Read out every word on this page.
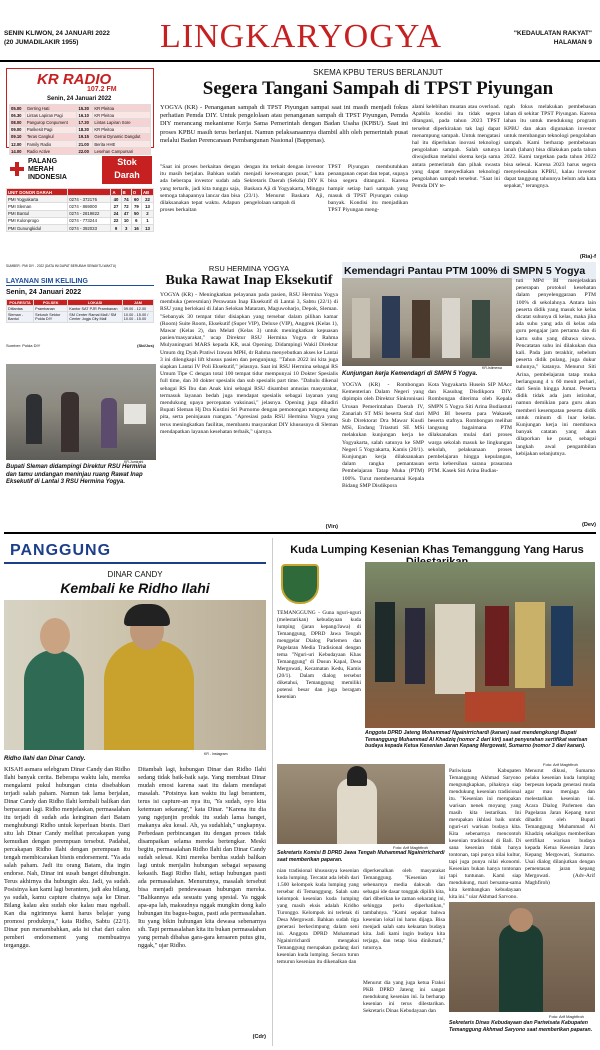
SENIN KLIWON, 24 JANUARI 2022
(20 JUMADILAKIR 1955) LINGKARYOGYA	"KEDAULATAN RAKYAT"
HALAMAN 9
KR RADIO
107.2 FM
Senin, 24 Januari 2022
05.00	Gerring Hati	15.30	KR Pleitoa
06.30	Lintas Lapiran Pagi	16.10	KR Pleitoa
08.00	Pangurop Conpument	17.30	Lintas Lapiran Sore
09.00	Parikesit Pagi	18.30	KR Pleitoa
09.10	Teras Cangkul	19.15	Gerrai Dynamic Dangdut
12.00	Family Radio	21.00	Berita HHE
14.00	Radio Active	22.00	Lesehan Campursari
PALANG
MERAH
INDONESIA
Stok
Darah
UNIT DONOR DARAH		A	B	O	AB
PMI Yogyakarta	0274 - 372176	40	74	60	22
PMI Sleman	0274 - 869000	27	72	79	13
PMI Bantul	0274 - 2819822	24	47	50	2
PMI Kulonprogo	0274 - 773244	22	10	6	1
PMI Gunungkidul	0274 - 392033	9	3	16	13
SUMBER : PMI DIY - 2022 (DATA INI DAPAT BERUBAH SEWAKTU-WAKTU)
LAYANAN SIM KELILING
Senin, 24 Januari 2022
POLRES/TA	POLSEK	LOKASI	JAM
Ditlantas	Prambanan	Kantor SAT PJR Prambanan	09.00 - 12.00
Sleman - Bantul	Seluruh Sektor Polda DIY	SM Center Ramal Mall / SM Center Jogja City Mall	10.00 - 15.00 / 10.00 - 15.00
Sumber: Polda DIY	(Sbl/Jos)
SKEMA KPBU TERUS BERLANJUT
Segera Tangani Sampah di TPST Piyungan
YOGYA (KR) - Penanganan sampah di TPST Piyungan sampai saat ini masih menjadi fokus perhatian Pemda DIY. Untuk pengelolaan atau penanganan sampah di TPST Piyungan, Pemda DIY merancang mekanisme Kerja Sama Pemerintah dengan Badan Usaha (KPBU). Saat ini proses KPBU masih terus berlanjut. Namun pelaksanaannya diambil alih oleh pemerintah pusat melalui Badan Perencanaan Pembangunan Nasional (Bappenas).
"Saat ini proses berkaitan dengan itu masih berjalan. Bahkan sudah ada beberapa investor sudah ada yang tertarik, jadi kita tunggu saja, semoga tahapannya lancar dan bisa dilaksanakan tepat waktu. Adapun proses berkaitan
dengan itu terkait dengan investor menjadi kewenangan pusat," kata Sekretaris Daerah (Sekda) DIY K Baskara Aji di Yogyakarta, Minggu (23/1). Menurut Baskara Aji, pengelolaan sampah di
TPST Piyungan membutuhkan penanganan cepat dan tepat, supaya bisa segera ditangani. Karena hampir setiap hari sampah yang masuk di TPST Piyungan cukup banyak. Kondisi itu menjadikan TPST Piyungan meng-
alami kelebihan muatan atau overload. Apabila kondisi itu tidak segera ditangani, pada tahun 2023 TPST tersebut diperkirakan tak lagi dapat menampung sampah. Untuk mengatasi hal itu diperlukan inovasi teknologi pengolahan sampah. Salah satunya diwujudkan melalui skema kerja sama antara pemerintah dan pihak swasta yang dapat menyediakan teknologi pengolahan sampah tersebut. "Saat ini Pemda DIY te-
ngah fokus melakukan pembebasan lahan di sekitar TPST Piyungan. Karena lahan itu untuk mendukung program KPBU dan akan digunakan investor untuk membangun teknologi pengolahan sampah. Kami berharap pembebasan lanah (lahan) bisa dilakukan pada tahun 2022. Kami targetkan pada tahun 2022 bisa selesai. Karena 2023 harus segera menyelesaikan KPBU, kalau investor dapat tanggung tahunnya belum ada kata sepakat," terangnya.
(Ria)-f
RSU HERMINA YOGYA
Buka Rawat Inap Eksekutif
YOGYA (KR) - Meningkatkan pelayanan pada pasien, RSU Hermina Yogya membuka (peresmian) Perawatan Inap Eksekutif di Lantai 3, Sabtu (22/1) di RSU yang berlokasi di Jalan Selokan Mataram, Maguwoharjo, Depok, Sleman. "Sebanyak 30 tempat tidur disiapkan yang tersebar dalam pilihan kamar (Room) Suite Room, Eksekutif (Super VIP), Deluxe (VIP), Anggrek (Kelas 1), Mawar (Kelas 2), dan Melati (Kelas 3) untuk meningkatkan kepuasan pasien/masyarakat," ucap Direktur RSU Hermina Yogya dr Rahma Mulyaningsari MARS kepada KR, usai Opening. Didampingi Wakil Direktur Umum drg Dyah Pratiwi Irawan MPH, dr Rahma menyebutkan akses ke Lantai 3 ini dilengkapi lift khusus pasien dan pengunjung. "Tahun 2022 ini kita juga siapkan Lantai IV Poli Eksekutif," jelasnya. Saat ini RSU Hermina sebagai RS Umum Tipe C dengan total 100 tempat tidur mempunyai 10 Dokter Spesialis full time, dan 30 dokter spesialis dan sub spesialis part time. "Dahulu dikenal sebagai RS Ibu dan Anak kini sebagai RSU disambut antusias masyarakat, termasuk layanan bedah juga mendapat spesialis sebagai layanan yang mendukung upaya percepatan vaksinasi," jelasnya. Opening juga dihadiri Bupati Sleman Hj Dra Kustini Sri Purnomo dengan pemotongan tumpeng dan pita, serta peninjauan ruangan. "Apresiasi pada RSU Hermina Yogya yang terus meningkatkan fasilitas, membantu masyarakat DIY khususnya di Sleman mendapatkan layanan kesehatan terbaik," ujarnya.
(Vin)
KR-Jumirahi
Bupati Sleman didampingi Direktur RSU Hermina dan tamu undangan meninjau ruang Rawat Inap Eksekutif di Lantai 3 RSU Hermina Yogya.
Kemendagri Pantau PTM 100% di SMPN 5 Yogya
KR-Istimewa
Kunjungan kerja Kemendagri di SMPN 5 Yogya.
YOGYA (KR) - Rombongan Kementerian Dalam Negeri yang dipimpin oleh Direktur Sinkronisasi Urusan Pemerintahan Daerah IV, Zanariah ST MSi beserta Staf dari Sub Direktorat Dra Mawar Kusdi MSi, Endang Triastuti SE MSi melakukan kunjungan kerja ke Yogyakarta, salah satunya ke SMP Negeri 5 Yogyakarta, Kamis (20/1). Kunjungan kerja dilaksanakan dalam rangka pemantauan Pembelajaran Tatap Muka (PTM) 100%. Turut membersamai Kepala Bidang SMP Disdikpora
Kota Yogyakarta Husein SIP MAcc dan Kasubag Disdikpora DIY. Rombongan diterima oleh Kepala SMPN 5 Yogya Siti Arina Budiastuti MPd BI beserta para Wakasek beserta stafnya. Rombongan melihat langsung bagaimana PTM dilaksanakan mulai dari proses warga sekolah masuk ke lingkungan sekolah, pelaksanaan proses pembelajaran hingga kepulangan, serta kebersihan sarana prasarana PTM. Kasek Siti Arina Budias-
tuti MPd BI menjelaskan penerapan protokol kesehatan dalam penyelenggaraan PTM 100% di sekolahnya. Antara lain peserta didik yang masuk ke kelas dicatat suhunya di kelas, maka jika ada suhu yang ada di kelas ada guru pengajar jam pertama dan di kartu suhu yang dibawa siswa. Pencatatan suhu ini dilakukan dua kali. Pada jam terakhir, sebelum peserta didik pulang, juga dukur suhunya," katanya. Menurut Siti Arina, pembelajaran tatap muka berlangsung 4 x 60 menit perhari, dari Senin hingga Jumat. Peserta didik tidak ada jam istirahat, namun demikian para guru akan memberi kesempatan peserta didik untuk minum di luar kelas. Kunjungan kerja ini membawa banyak catatan yang akan dilaporkan ke pusat, sebagai langkah awal pengambilan kebijakan selanjutnya.
(Dev)
PANGGUNG
DINAR CANDY
Kembali ke Ridho Ilahi
KR - Instagram
Ridho Ilahi dan Dinar Candy.
KISAH asmara selebgram Dinar Candy dan Ridho Ilahi banyak cerita. Beberapa waktu lalu, mereka mengalami pukul hubungan cinta disebabkan terjadi salah paham. Namun tak lama berjalan, Dinar Candy dan Ridho Ilahi kembali balikan dan berpacaran lagi. Ridho menjelaskan, permasalahan itu terjadi di sudah ada keinginan dari Batam menghubungi Ridho untuk keperluan bisnis. Dari situ lah Dinar Candy melihat percakapan yang kemudian dengan perempuan tersebut. Padahal, percakapan Ridho Ilahi dengan perempuan itu tengah membicarakan bisnis endorsement. "Ya ada salah paham. Jadi itu orang Batam, dia ingin endorse. Nah, Dinar ini susah banget dihubungin. Terus akhirnya dia hubungin aku. Jadi, ya sudah. Posisinya kan kami lagi berantem, jadi aku bilang, ya sudah, kamu capture chatnya saja ke Dinar. Bilang kalau aku sudah oke kalau mau ngeball. Kan dia ngirimnya kami harus belajar yang promosi produknya," kata Ridho, Sabtu (22/1). Dinar pun menambahkan, ada isi chat dari calon pemberi endorsement yang membuatnya terganggu.
Ditambah lagi, hubungan Dinar dan Ridho Ilahi sedang tidak baik-baik saja. Yang membuat Dinar mudah emosi karena saat itu dalam mendapat masalah. "Potsinya kan waktu itu lagi berantem, terus isi capture-an nya itu, 'Ya sudah, oyo kita ketemuan sekarang'," kata Dinar. "Karena itu dia yang ngejunjin produk itu sudah lama banget, makanya aku kesal. Ah, ya sudahlah," ungkapnya. Perbedaan perbincangan itu dengan proses tidak disampaikan selama mereka bertengkar. Meski begitu, permasalahan Ridho Ilahi dan Dinar Candy sudah selesai. Kini mereka berdua sudah balikan lagi untuk menjalin hubungan sebagai sepasang kekasih. Bagi Ridho Ilahi, setiap hubungan pasti ada permasalahan. Menurutnya, masalah tersebut bisa menjadi pendewasaan hubungan mereka. "Balikannya ada sesuatu yang spesial. Ya nggak apa-apa lah, maksudnya nggak mungkin dong kalo hubungan itu bagus-bagus, pasti ada permasalahan. Itu yang bikin hubungan kita dewasa sebenarnya sih. Tapi permasalahan kita itu bukan permasalahan yang pernah dibahas gara-gara keraaren putus gitu, nggak," ujar Ridho.
(Cdr)
Kuda Lumping Kesenian Khas Temanggung Yang Harus
TEMANGGUNG - Guna nguri-nguri (melestarikan) kebudayaan kuda lumping (jaran kepang/Jawa) di Temanggung, DPRD Jawa Tengah menggelar Dialog Parlemen dan Pagelaran Media Tradisional dengan tema "Nguri-uri Kebudayaan Khas Temanggung" di Dusun Kapal, Desa Mergowati, Kecamatan Kedu, Kamis (20/1). Dalam dialog tersebut diketahui, Temanggung memiliki potensi besar dan juga beragam kesenian
Anggota DPRD Jateng Mohammad Ngainirrichardi (kanan) saat mendengkungi Bupati Temanggung Muhammad Al Khadziq (nomor 2 dari kiri) saat penyerahan sertifikat warisan budaya kepada Ketua Kesenian Jaran Kepang Mergowati, Sumarno (nomor 3 dari kanan).
Foto: Arif Maghfiroh
Pariwisata Kabupaten Temanggung Akhmad Saryono mengungkapkan, pihaknya siap mendukung kesenian tradisional itu. "Kesenian ini merupakan warisan nenek moyang yang masih kita lestarikan. Ini merupakan ikhlasi baik untuk nguri-uri warisan budaya kita. Kita sebenarnya mencontoh kesenian tradisional di Bali. Di sana kesenian tidak hanya tontonan, tapi punya nilai kultur, tapi juga punya nilai ekonomi. Kesenian bukan hanya tontonan tapi tuntunan. Kami siap mendukung, mari bersama-sama kita kembangkan kebudayaan kita ini," ujar Akhmad Saryono.
Menurut dikusi, Sumarno pelaku kesenian kuda lumping berpesan kepada generasi muda agar mau menjaga dan melestarikan kesenian ini. Acara Dialog Parlemen dan Pagelaran Jaran Kepang turut dihadiri oleh Bupati Temanggung Muhammad Al Khadziq sekaligus memberikan sertifikat warisan budaya kepada Ketua Kesenian Jaran Kepang Mergowati, Sumarno. Usai dialog dilanjutkan dengan pementasan jaran kepang Mergowati. (Adv-Arif Maghfiroh)
Foto: Arif Maghfiroh
Sekretaris Komisi B DPRD Jawa Tengah Muhammad Ngainirrichardi saat memberikan paparan.
nian tradisional khususnya kesenian kuda lumping. Tercatat ada lebih dari 1.500 kelompok kuda lumping yang tersebar di Temanggung. Salah satu kelompok kesenian kuda lumping yang masih eksis adalah Kridho Turonggo. Kelompok ini terletak di Desa Mergowati. Bahkan sudah tiga generasi berkecimpung dalam seni ini. Anggota DPRD Mohammad Ngainirrichardi mengakui Temanggung merupakan gudang dari kesenian kuda lumping. Secara turun temurun kesenian itu dikenalkan dan
diperkenalkan oleh masyarakat Temanggung. "Kesenian ini sebenarnya media dakwah dan sebagai ide dasar tonggak dipilih kita, dari diberikan ke zaman sekarang ini, sehingga perlu diperhatikan," tambahnya. "Kami sepakat bahwa kesenian lokal ini harus dijaga. Bisa menjadi salah satu kekuatan budaya kita. Jadi kami ingin budaya kita terjaga, dan tetap bisa dinikmati," tuturnya.
Menurut dia yang juga ketua Fraksi PKB DPRD Jateng ini sangat mendukung kesenian ini. Ia berharap kesenian ini terus dilestarikan. Sekretaris Dinas Kebudayaan dan
Foto: Arif Maghfiroh
Sekretaris Dinas Kebudayaan dan Pariwisata Kabupaten Temanggung Akhmad Saryono saat memberikan paparan.
